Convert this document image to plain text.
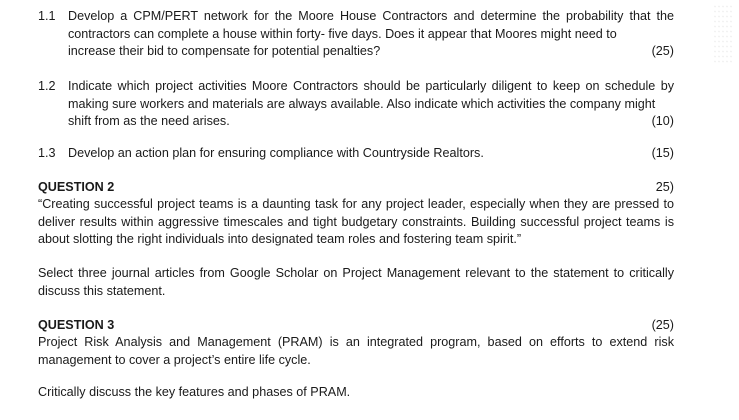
1.1 Develop a CPM/PERT network for the Moore House Contractors and determine the probability that the contractors can complete a house within forty- five days. Does it appear that Moores might need to
increase their bid to compensate for potential penalties?	(25)
1.2 Indicate which project activities Moore Contractors should be particularly diligent to keep on schedule by making sure workers and materials are always available. Also indicate which activities the company might
shift from as the need arises.	(10)
1.3 Develop an action plan for ensuring compliance with Countryside Realtors.	(15)
QUESTION 2	25)
“Creating successful project teams is a daunting task for any project leader, especially when they are pressed to deliver results within aggressive timescales and tight budgetary constraints. Building successful project teams is about slotting the right individuals into designated team roles and fostering team spirit.”
Select three journal articles from Google Scholar on Project Management relevant to the statement to critically discuss this statement.
QUESTION 3	(25)
Project Risk Analysis and Management (PRAM) is an integrated program, based on efforts to extend risk management to cover a project’s entire life cycle.
Critically discuss the key features and phases of PRAM.
